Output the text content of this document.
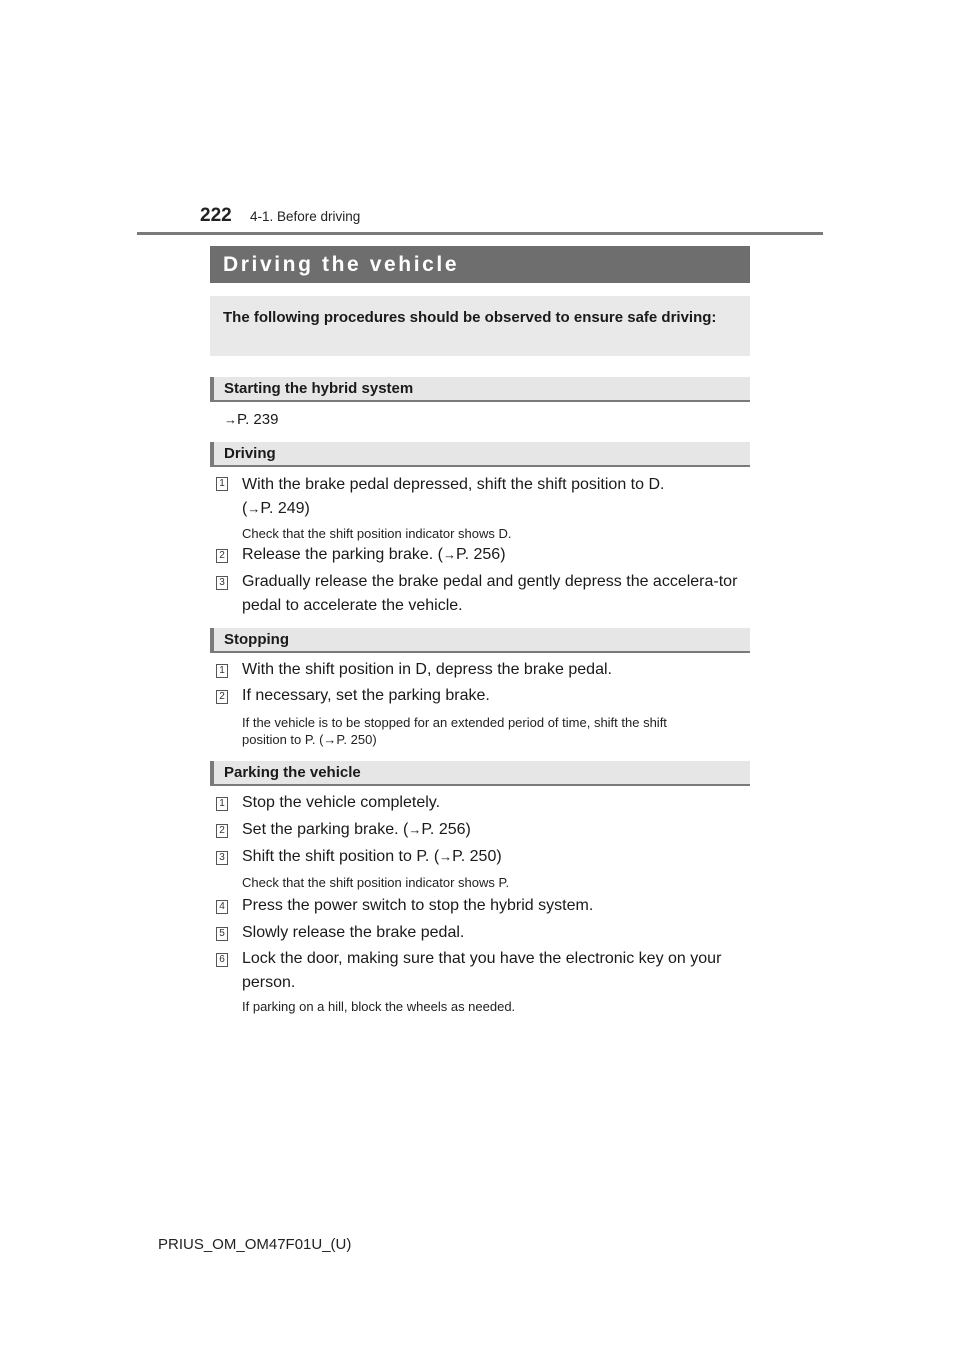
222 4-1. Before driving
Driving the vehicle
The following procedures should be observed to ensure safe driving:
Starting the hybrid system
→P. 239
Driving
1 With the brake pedal depressed, shift the shift position to D.
(→P. 249)
Check that the shift position indicator shows D.
2 Release the parking brake. (→P. 256)
3 Gradually release the brake pedal and gently depress the accelera-tor pedal to accelerate the vehicle.
Stopping
1 With the shift position in D, depress the brake pedal.
2 If necessary, set the parking brake.
If the vehicle is to be stopped for an extended period of time, shift the shift
position to P. (→P. 250)
Parking the vehicle
1 Stop the vehicle completely.
2 Set the parking brake. (→P. 256)
3 Shift the shift position to P. (→P. 250)
Check that the shift position indicator shows P.
4 Press the power switch to stop the hybrid system.
5 Slowly release the brake pedal.
6 Lock the door, making sure that you have the electronic key on your person.
If parking on a hill, block the wheels as needed.
PRIUS_OM_OM47F01U_(U)
